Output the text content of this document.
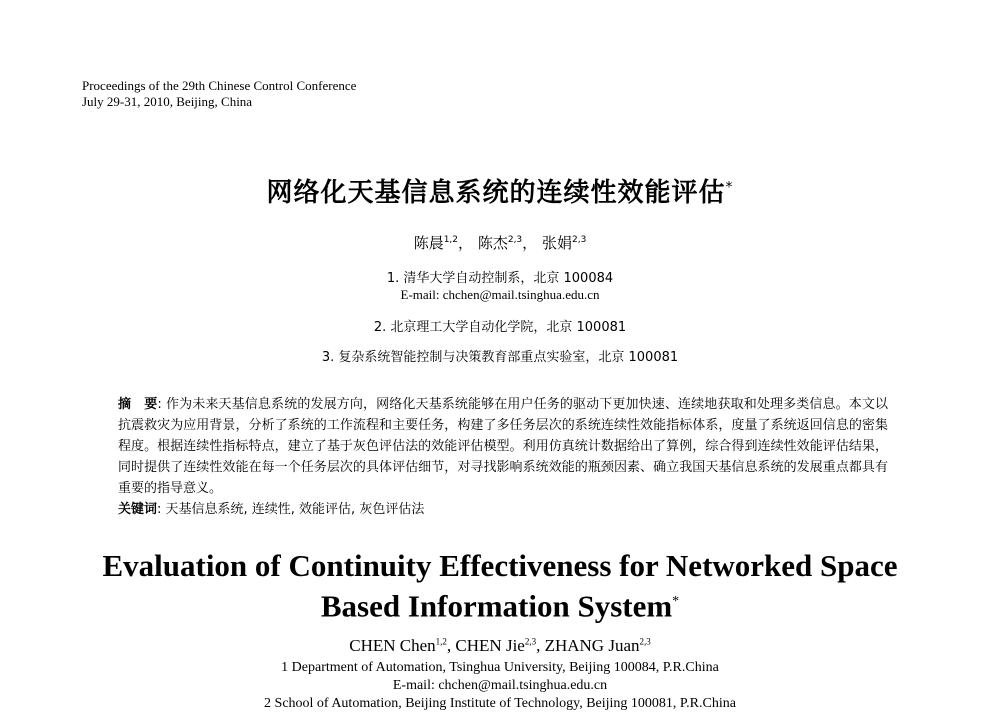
Proceedings of the 29th Chinese Control Conference
July 29-31, 2010, Beijing, China
网络化天基信息系统的连续性效能评估*
陈晨$^{1,2}$， 陈杰$^{2,3}$， 张娟$^{2,3}$
1. 清华大学自动控制系，北京 100084
E-mail: chchen@mail.tsinghua.edu.cn
2. 北京理工大学自动化学院，北京 100081
3. 复杂系统智能控制与决策教育部重点实验室，北京 100081
摘　要: 作为未来天基信息系统的发展方向，网络化天基系统能够在用户任务的驱动下更加快速、连续地获取和处理多类信息。本文以抗震救灾为应用背景，分析了系统的工作流程和主要任务，构建了多任务层次的系统连续性效能指标体系，度量了系统返回信息的密集程度。根据连续性指标特点，建立了基于灰色评估法的效能评估模型。利用仿真统计数据给出了算例，综合得到连续性效能评估结果，同时提供了连续性效能在每一个任务层次的具体评估细节，对寻找影响系统效能的瓶颈因素、确立我国天基信息系统的发展重点都具有重要的指导意义。
关键词: 天基信息系统, 连续性, 效能评估, 灰色评估法
Evaluation of Continuity Effectiveness for Networked Space
Based Information System*
CHEN Chen$^{1,2}$, CHEN Jie$^{2,3}$, ZHANG Juan$^{2,3}$
1 Department of Automation, Tsinghua University, Beijing 100084, P.R.China
E-mail: chchen@mail.tsinghua.edu.cn
2 School of Automation, Beijing Institute of Technology, Beijing 100081, P.R.China
